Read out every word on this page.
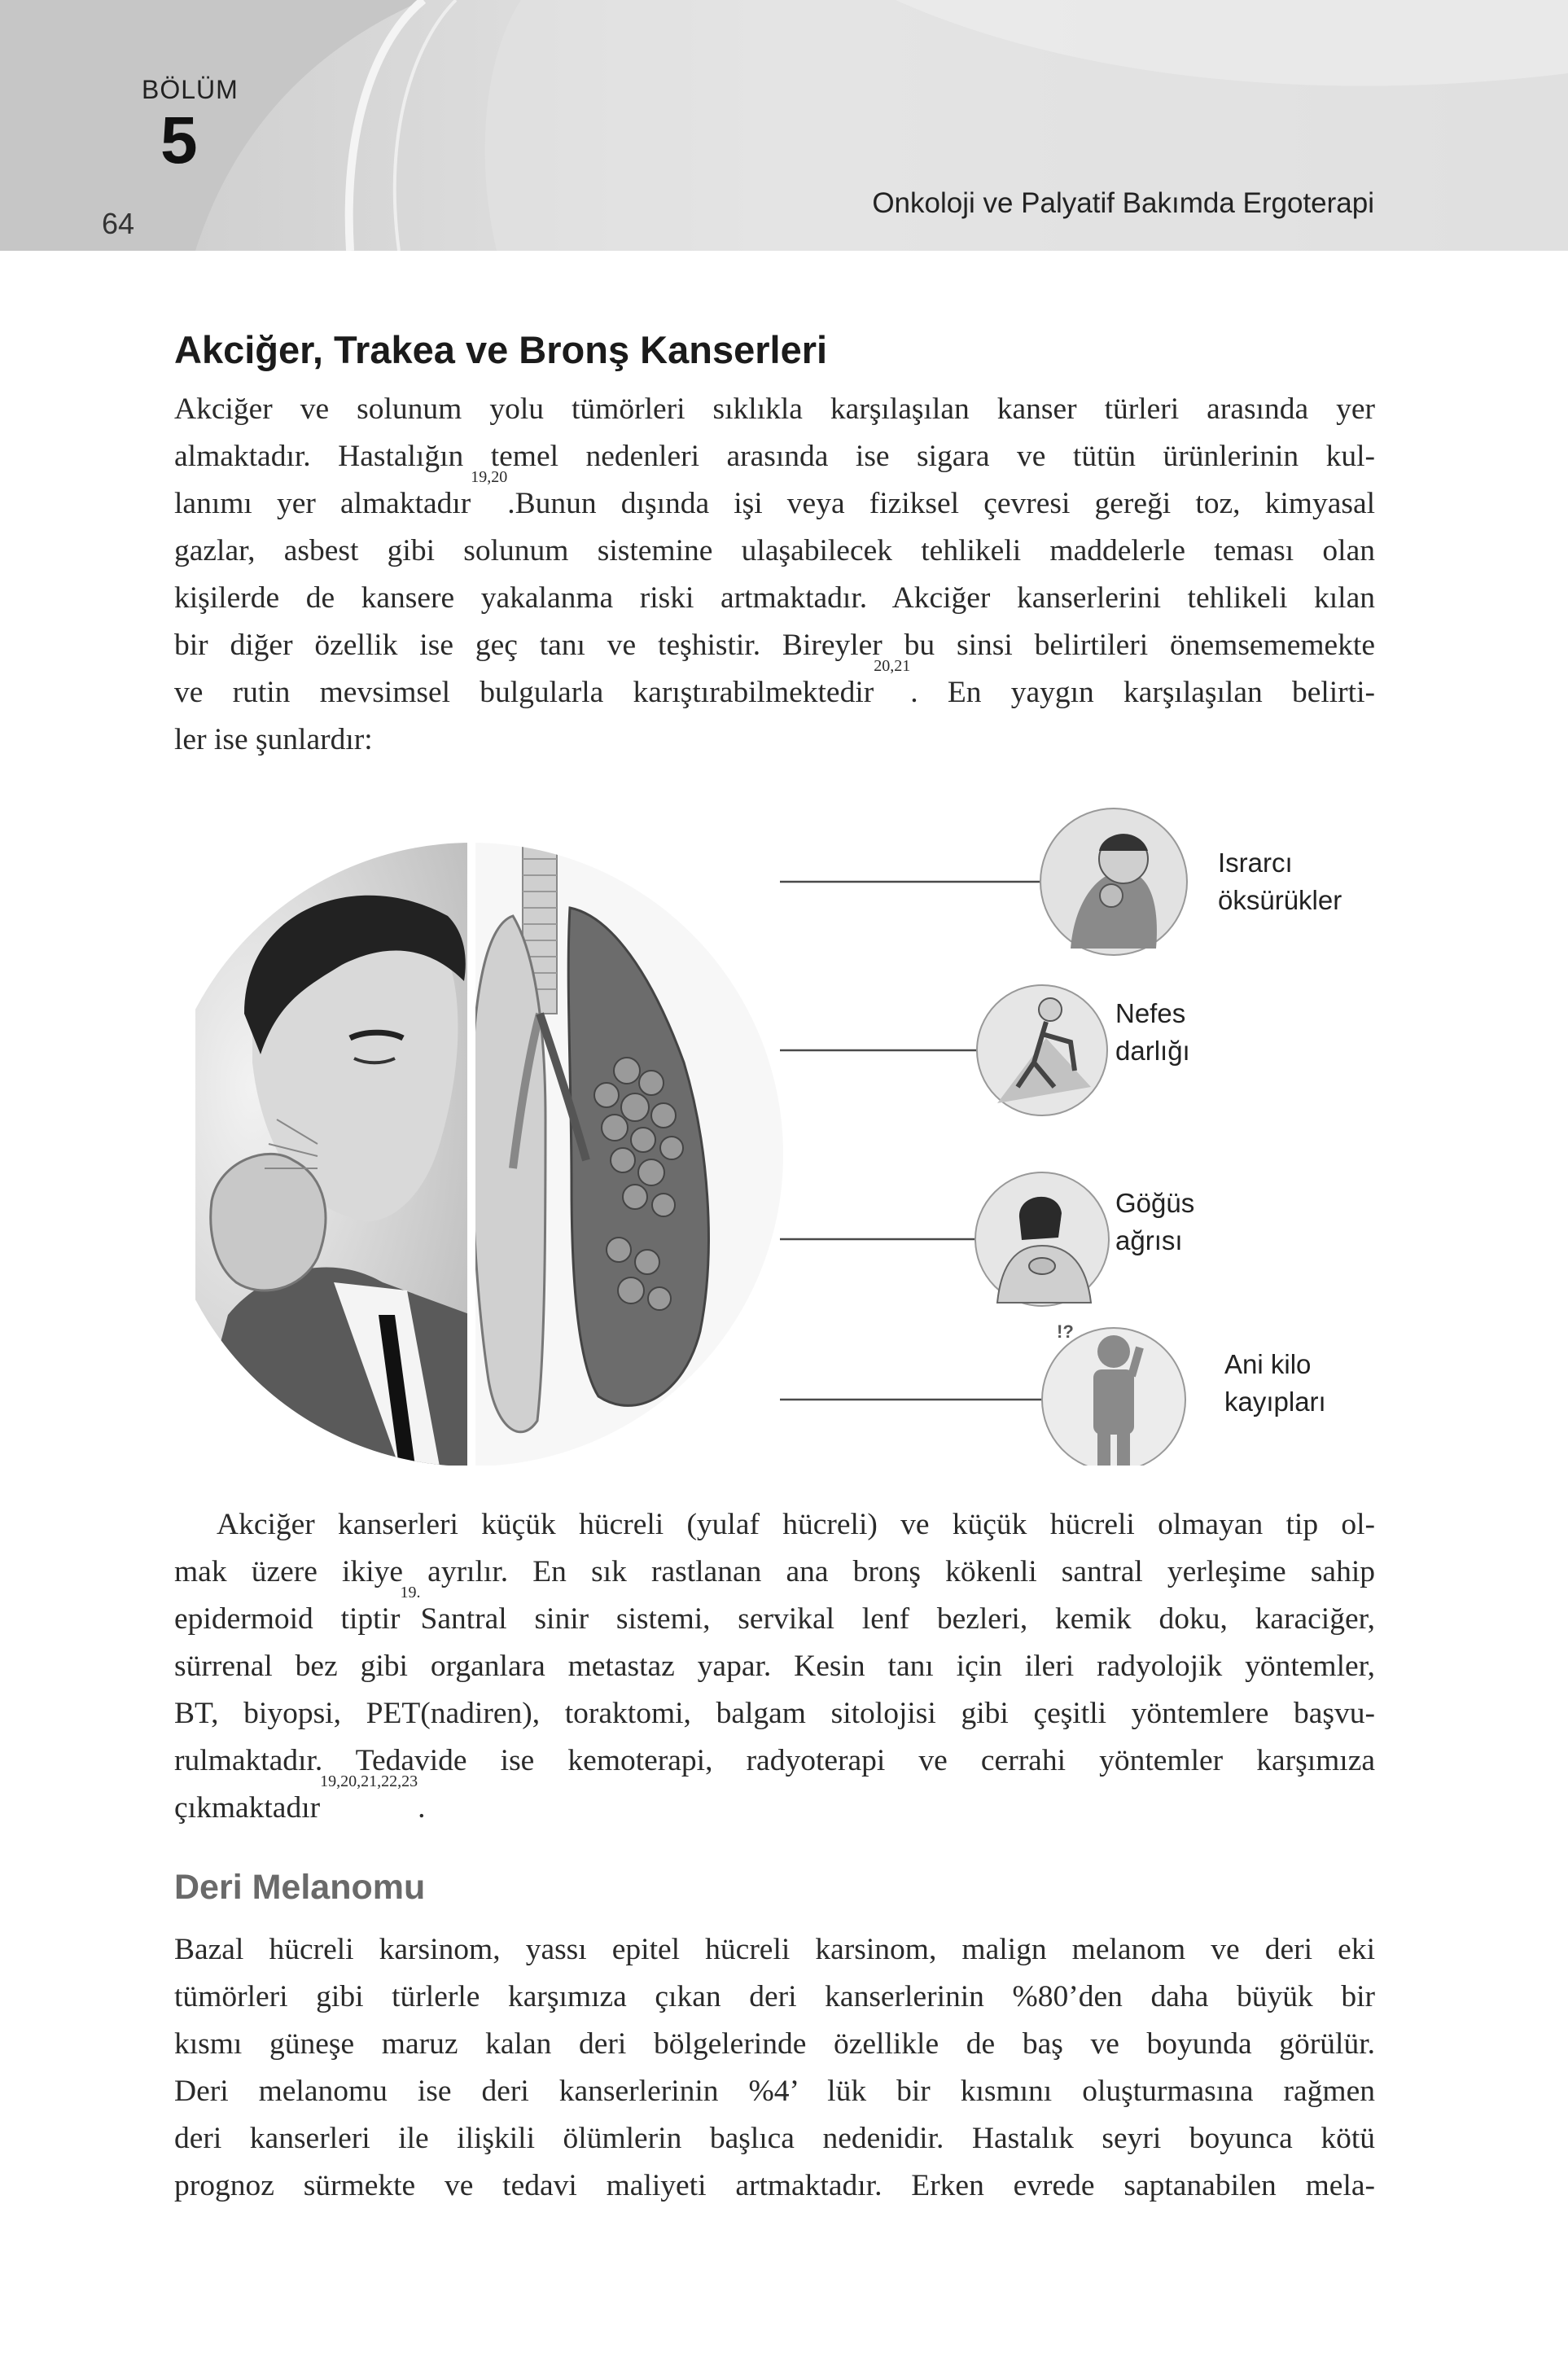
BÖLÜM
5
64
Onkoloji ve Palyatif Bakımda Ergoterapi
Akciğer, Trakea ve Bronş Kanserleri
Akciğer ve solunum yolu tümörleri sıklıkla karşılaşılan kanser türleri arasında yer
almaktadır. Hastalığın temel nedenleri arasında ise sigara ve tütün ürünlerinin kul-
lanımı yer almaktadır$^{19,20}$.Bunun dışında işi veya fiziksel çevresi gereği toz, kimyasal
gazlar, asbest gibi solunum sistemine ulaşabilecek tehlikeli maddelerle teması olan
kişilerde de kansere yakalanma riski artmaktadır. Akciğer kanserlerini tehlikeli kılan
bir diğer özellik ise geç tanı ve teşhistir. Bireyler bu sinsi belirtileri önemsememekte
ve rutin mevsimsel bulgularla karıştırabilmektedir$^{20,21}$. En yaygın karşılaşılan belirti-
ler ise şunlardır:
!?
Israrcı
öksürükler
Nefes
darlığı
Göğüs
ağrısı
Ani kilo
kayıpları
Akciğer kanserleri küçük hücreli (yulaf hücreli) ve küçük hücreli olmayan tip ol-
mak üzere ikiye ayrılır. En sık rastlanan ana bronş kökenli santral yerleşime sahip
epidermoid tiptir$^{19.}$Santral sinir sistemi, servikal lenf bezleri, kemik doku, karaciğer,
sürrenal bez gibi organlara metastaz yapar. Kesin tanı için ileri radyolojik yöntemler,
BT, biyopsi, PET(nadiren), toraktomi, balgam sitolojisi gibi çeşitli yöntemlere başvu-
rulmaktadır. Tedavide ise kemoterapi, radyoterapi ve cerrahi yöntemler karşımıza
çıkmaktadır$^{19,20,21,22,23}$.
Deri Melanomu
Bazal hücreli karsinom, yassı epitel hücreli karsinom, malign melanom ve deri eki
tümörleri gibi türlerle karşımıza çıkan deri kanserlerinin %80’den daha büyük bir
kısmı güneşe maruz kalan deri bölgelerinde özellikle de baş ve boyunda görülür.
Deri melanomu ise deri kanserlerinin %4’ lük bir kısmını oluşturmasına rağmen
deri kanserleri ile ilişkili ölümlerin başlıca nedenidir. Hastalık seyri boyunca kötü
prognoz sürmekte ve tedavi maliyeti artmaktadır. Erken evrede saptanabilen mela-
